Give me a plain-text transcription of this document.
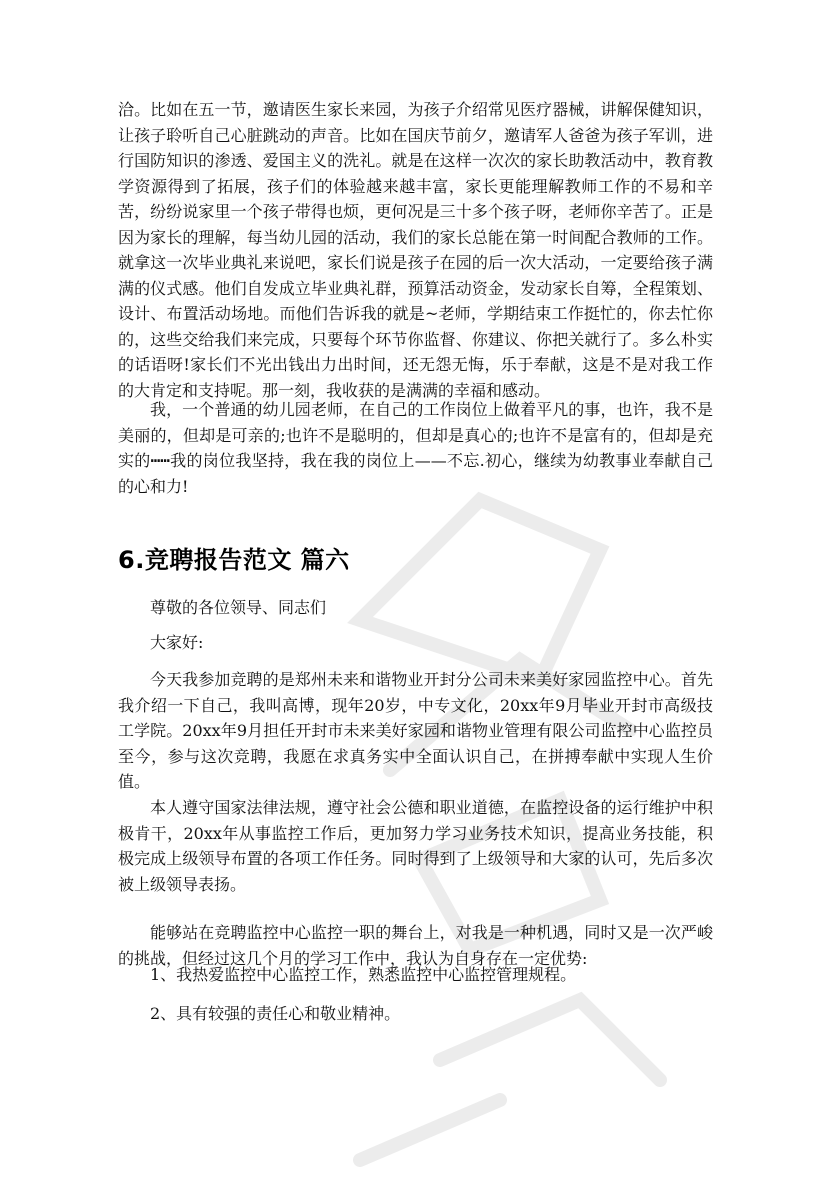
洽。比如在五一节，邀请医生家长来园，为孩子介绍常见医疗器械，讲解保健知识，让孩子聆听自己心脏跳动的声音。比如在国庆节前夕，邀请军人爸爸为孩子军训，进行国防知识的渗透、爱国主义的洗礼。就是在这样一次次的家长助教活动中，教育教学资源得到了拓展，孩子们的体验越来越丰富，家长更能理解教师工作的不易和辛苦，纷纷说家里一个孩子带得也烦，更何况是三十多个孩子呀，老师你辛苦了。正是因为家长的理解，每当幼儿园的活动，我们的家长总能在第一时间配合教师的工作。就拿这一次毕业典礼来说吧，家长们说是孩子在园的后一次大活动，一定要给孩子满满的仪式感。他们自发成立毕业典礼群，预算活动资金，发动家长自筹，全程策划、设计、布置活动场地。而他们告诉我的就是~老师，学期结束工作挺忙的，你去忙你的，这些交给我们来完成，只要每个环节你监督、你建议、你把关就行了。多么朴实的话语呀!家长们不光出钱出力出时间，还无怨无悔，乐于奉献，这是不是对我工作的大肯定和支持呢。那一刻，我收获的是满满的幸福和感动。

我，一个普通的幼儿园老师，在自己的工作岗位上做着平凡的事，也许，我不是美丽的，但却是可亲的;也许不是聪明的，但却是真心的;也许不是富有的，但却是充实的┅┅我的岗位我坚持，我在我的岗位上——不忘.初心，继续为幼教事业奉献自己的心和力!

6.竞聘报告范文 篇六

尊敬的各位领导、同志们

大家好:

今天我参加竞聘的是郑州未来和谐物业开封分公司未来美好家园监控中心。首先我介绍一下自己，我叫高博，现年20岁，中专文化，20xx年9月毕业开封市高级技工学院。20xx年9月担任开封市未来美好家园和谐物业管理有限公司监控中心监控员至今，参与这次竞聘，我愿在求真务实中全面认识自己，在拼搏奉献中实现人生价值。

本人遵守国家法律法规，遵守社会公德和职业道德，在监控设备的运行维护中积极肯干，20xx年从事监控工作后，更加努力学习业务技术知识，提高业务技能，积极完成上级领导布置的各项工作任务。同时得到了上级领导和大家的认可，先后多次被上级领导表扬。

能够站在竞聘监控中心监控一职的舞台上，对我是一种机遇，同时又是一次严峻的挑战，但经过这几个月的学习工作中，我认为自身存在一定优势:

1、我热爱监控中心监控工作，熟悉监控中心监控管理规程。

2、具有较强的责任心和敬业精神。
